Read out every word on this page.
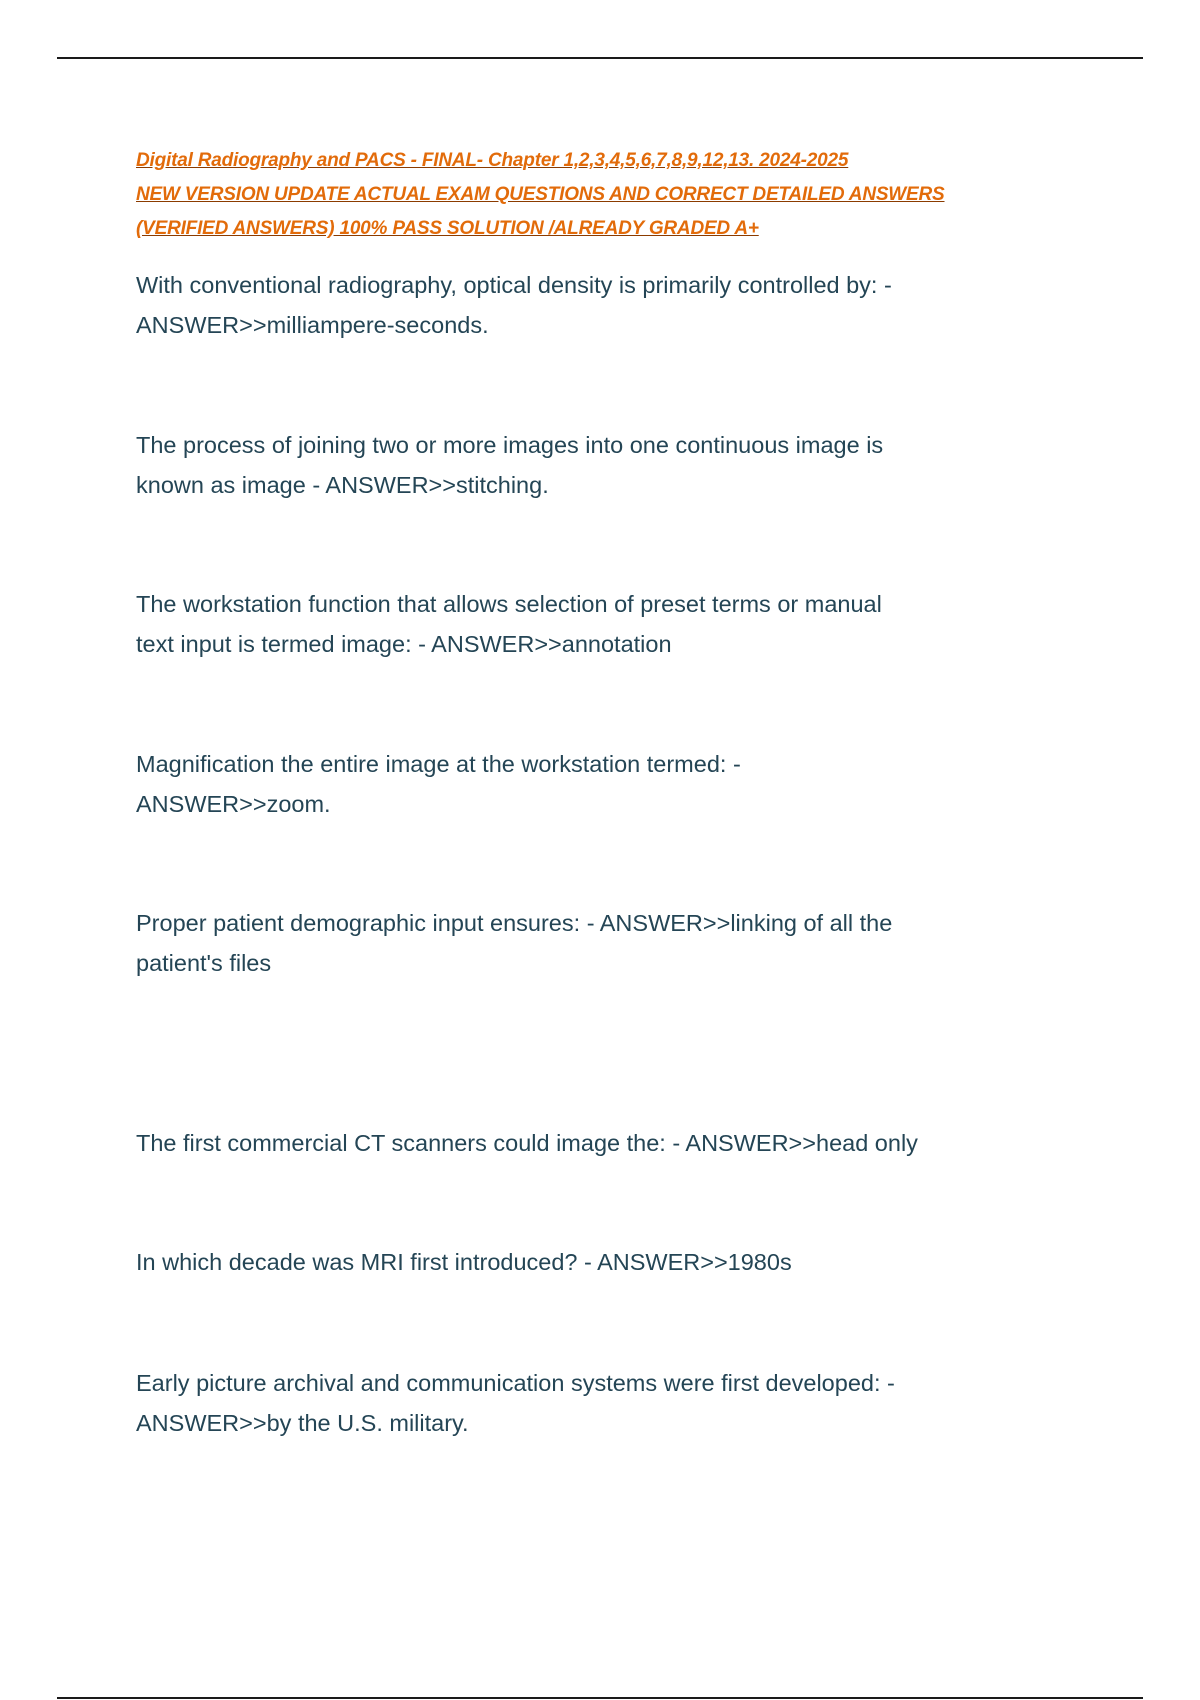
Digital Radiography and PACS - FINAL- Chapter 1,2,3,4,5,6,7,8,9,12,13. 2024-2025
NEW VERSION UPDATE ACTUAL EXAM QUESTIONS AND CORRECT DETAILED ANSWERS
(VERIFIED ANSWERS) 100% PASS SOLUTION /ALREADY GRADED A+
With conventional radiography, optical density is primarily controlled by: -
ANSWER>>milliampere-seconds.
The process of joining two or more images into one continuous image is
known as image - ANSWER>>stitching.
The workstation function that allows selection of preset terms or manual
text input is termed image: - ANSWER>>annotation
Magnification the entire image at the workstation termed: -
ANSWER>>zoom.
Proper patient demographic input ensures: - ANSWER>>linking of all the
patient's files
The first commercial CT scanners could image the: - ANSWER>>head only
In which decade was MRI first introduced? - ANSWER>>1980s
Early picture archival and communication systems were first developed: -
ANSWER>>by the U.S. military.
